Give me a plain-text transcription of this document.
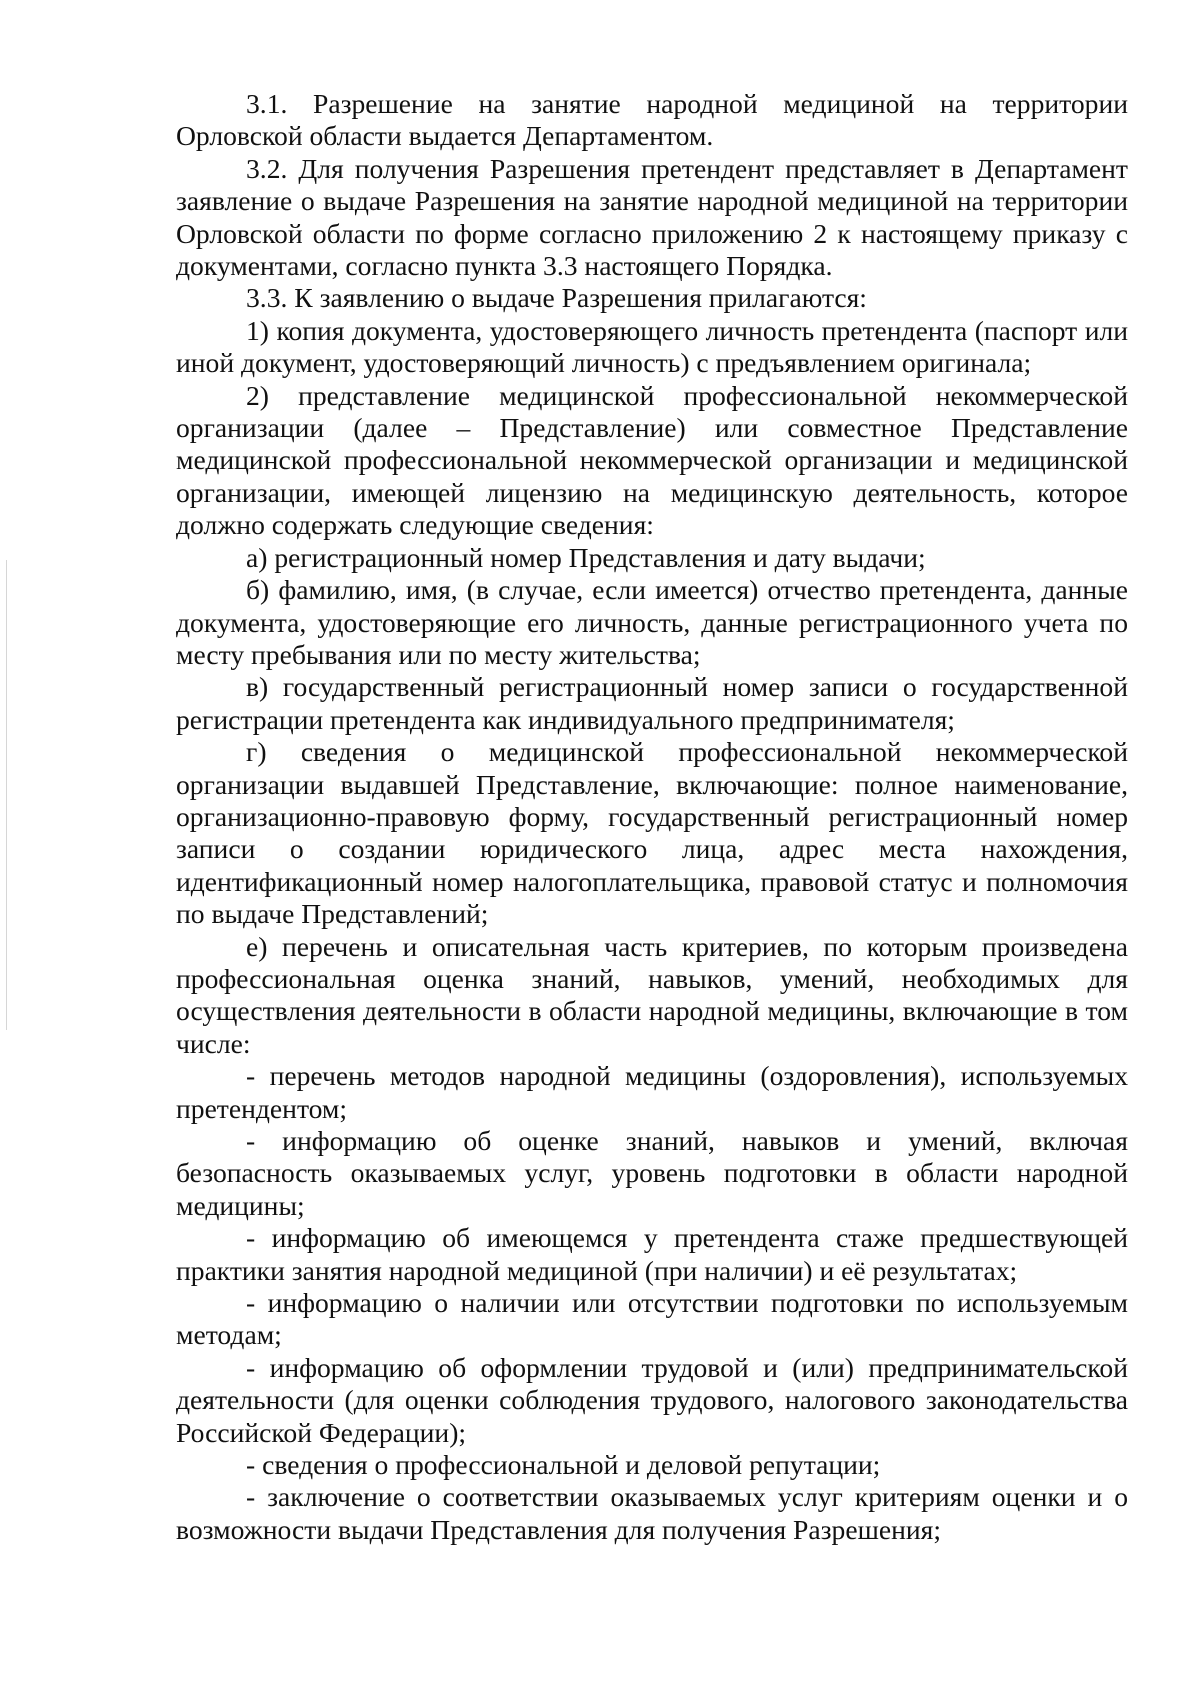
3.1. Разрешение на занятие народной медициной на территории Орловской области выдается Департаментом.

3.2. Для получения Разрешения претендент представляет в Департамент заявление о выдаче Разрешения на занятие народной медициной на территории Орловской области по форме согласно приложению 2 к настоящему приказу с документами, согласно пункта 3.3 настоящего Порядка.

3.3. К заявлению о выдаче Разрешения прилагаются:

1) копия документа, удостоверяющего личность претендента (паспорт или иной документ, удостоверяющий личность) с предъявлением оригинала;

2) представление медицинской профессиональной некоммерческой организации (далее – Представление) или совместное Представление медицинской профессиональной некоммерческой организации и медицинской организации, имеющей лицензию на медицинскую деятельность, которое должно содержать следующие сведения:

а) регистрационный номер Представления и дату выдачи;

б) фамилию, имя, (в случае, если имеется) отчество претендента, данные документа, удостоверяющие его личность, данные регистрационного учета по месту пребывания или по месту жительства;

в) государственный регистрационный номер записи о государственной регистрации претендента как индивидуального предпринимателя;

г) сведения о медицинской профессиональной некоммерческой организации выдавшей Представление, включающие: полное наименование, организационно-правовую форму, государственный регистрационный номер записи о создании юридического лица, адрес места нахождения, идентификационный номер налогоплательщика, правовой статус и полномочия по выдаче Представлений;

е) перечень и описательная часть критериев, по которым произведена профессиональная оценка знаний, навыков, умений, необходимых для осуществления деятельности в области народной медицины, включающие в том числе:

- перечень методов народной медицины (оздоровления), используемых претендентом;

- информацию об оценке знаний, навыков и умений, включая безопасность оказываемых услуг, уровень подготовки в области народной медицины;

- информацию об имеющемся у претендента стаже предшествующей практики занятия народной медициной (при наличии) и её результатах;

- информацию о наличии или отсутствии подготовки по используемым методам;

- информацию об оформлении трудовой и (или) предпринимательской деятельности (для оценки соблюдения трудового, налогового законодательства Российской Федерации);

- сведения о профессиональной и деловой репутации;

- заключение о соответствии оказываемых услуг критериям оценки и о возможности выдачи Представления для получения Разрешения;
